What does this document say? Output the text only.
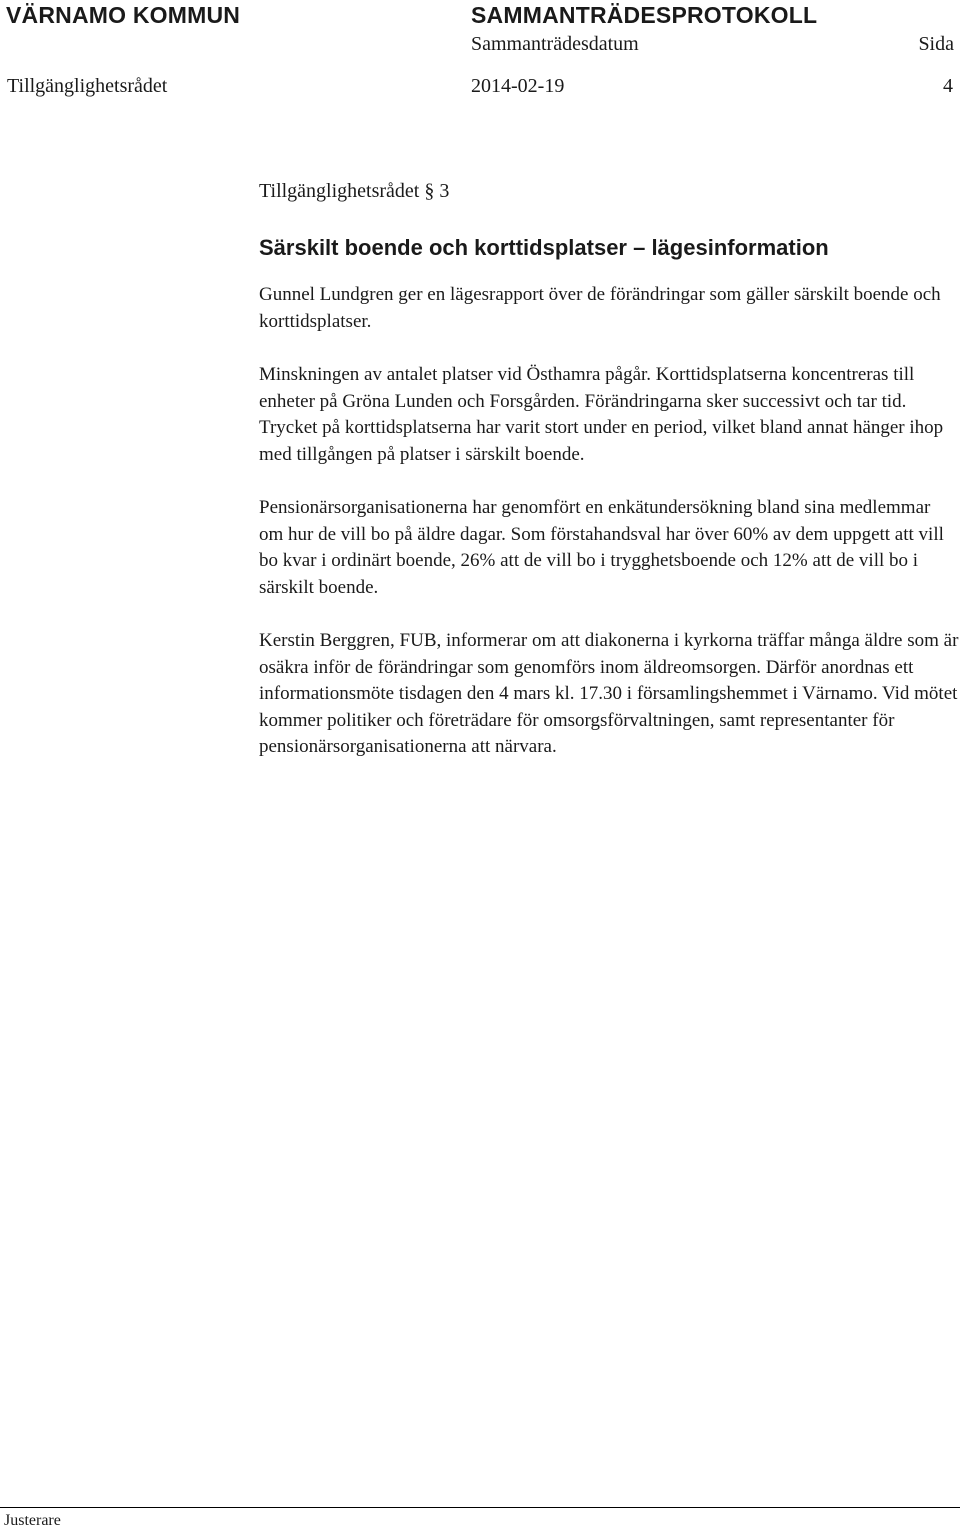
VÄRNAMO KOMMUN	SAMMANTRÄDESPROTOKOLL
Sammanträdesdatum	Sida
Tillgänglighetsrådet	2014-02-19	4

Tillgänglighetsrådet § 3

Särskilt boende och korttidsplatser – lägesinformation

Gunnel Lundgren ger en lägesrapport över de förändringar som gäller särskilt boende och korttidsplatser.

Minskningen av antalet platser vid Östhamra pågår. Korttidsplatserna koncentreras till enheter på Gröna Lunden och Forsgården. Förändringarna sker successivt och tar tid. Trycket på korttidsplatserna har varit stort under en period, vilket bland annat hänger ihop med tillgången på platser i särskilt boende.

Pensionärsorganisationerna har genomfört en enkätundersökning bland sina medlemmar om hur de vill bo på äldre dagar. Som förstahandsval har över 60% av dem uppgett att vill bo kvar i ordinärt boende, 26% att de vill bo i trygghetsboende och 12% att de vill bo i särskilt boende.

Kerstin Berggren, FUB, informerar om att diakonerna i kyrkorna träffar många äldre som är osäkra inför de förändringar som genomförs inom äldreomsorgen. Därför anordnas ett informationsmöte tisdagen den 4 mars kl. 17.30 i församlingshemmet i Värnamo. Vid mötet kommer politiker och företrädare för omsorgsförvaltningen, samt representanter för pensionärsorganisationerna att närvara.

Justerare
